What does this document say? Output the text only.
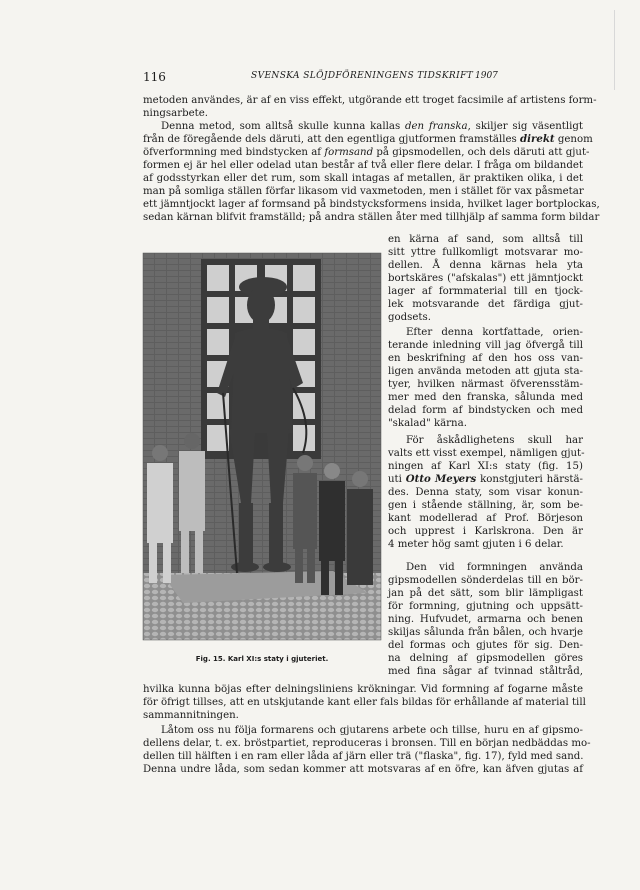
116	SVENSKA SLÖJDFÖRENINGENS TIDSKRIFT 1907
metoden användes, är af en viss effekt, utgörande ett troget facsimile af artistens form-
ningsarbete.
Denna metod, som alltså skulle kunna kallas den franska, skiljer sig väsentligt
från de föregående dels däruti, att den egentliga gjutformen framställes direkt genom
öfverformning med bindstycken af formsand på gipsmodellen, och dels däruti att gjut-
formen ej är hel eller odelad utan består af två eller flere delar. I fråga om bildandet
af godsstyrkan eller det rum, som skall intagas af metallen, är praktiken olika, i det
man på somliga ställen förfar likasom vid vaxmetoden, men i stället för vax påsmetar
ett jämntjockt lager af formsand på bindstycksformens insida, hvilket lager bortplockas,
sedan kärnan blifvit framställd; på andra ställen åter med tillhjälp af samma form bildar
Fig. 15. Karl XI:s staty i gjuteriet.
en kärna af sand, som alltså till
sitt yttre fullkomligt motsvarar mo-
dellen. Å denna kärnas hela yta
bortskäres ("afskalas") ett jämntjockt
lager af formmaterial till en tjock-
lek motsvarande det färdiga gjut-
godsets.
Efter denna kortfattade, orien-
terande inledning vill jag öfvergå till
en beskrifning af den hos oss van-
ligen använda metoden att gjuta sta-
tyer, hvilken närmast öfverensstäm-
mer med den franska, sålunda med
delad form af bindstycken och med
"skalad" kärna.
För åskådlighetens skull har
valts ett visst exempel, nämligen gjut-
ningen af Karl XI:s staty (fig. 15)
uti Otto Meyers konstgjuteri härstä-
des. Denna staty, som visar konun-
gen i stående ställning, är, som be-
kant modellerad af Prof. Börjeson
och upprest i Karlskrona. Den är
4 meter hög samt gjuten i 6 delar.
Den vid formningen använda
gipsmodellen sönderdelas till en bör-
jan på det sätt, som blir lämpligast
för formning, gjutning och uppsätt-
ning. Hufvudet, armarna och benen
skiljas sålunda från bålen, och hvarje
del formas och gjutes för sig. Den-
na delning af gipsmodellen göres
med fina sågar af tvinnad ståltråd,
hvilka kunna böjas efter delningsliniens krökningar. Vid formning af fogarne måste
för öfrigt tillses, att en utskjutande kant eller fals bildas för erhållande af material till
sammannitningen.
Låtom oss nu följa formarens och gjutarens arbete och tillse, huru en af gipsmo-
dellens delar, t. ex. bröstpartiet, reproduceras i bronsen. Till en början nedbäddas mo-
dellen till hälften i en ram eller låda af järn eller trä ("flaska", fig. 17), fyld med sand.
Denna undre låda, som sedan kommer att motsvaras af en öfre, kan äfven gjutas af
